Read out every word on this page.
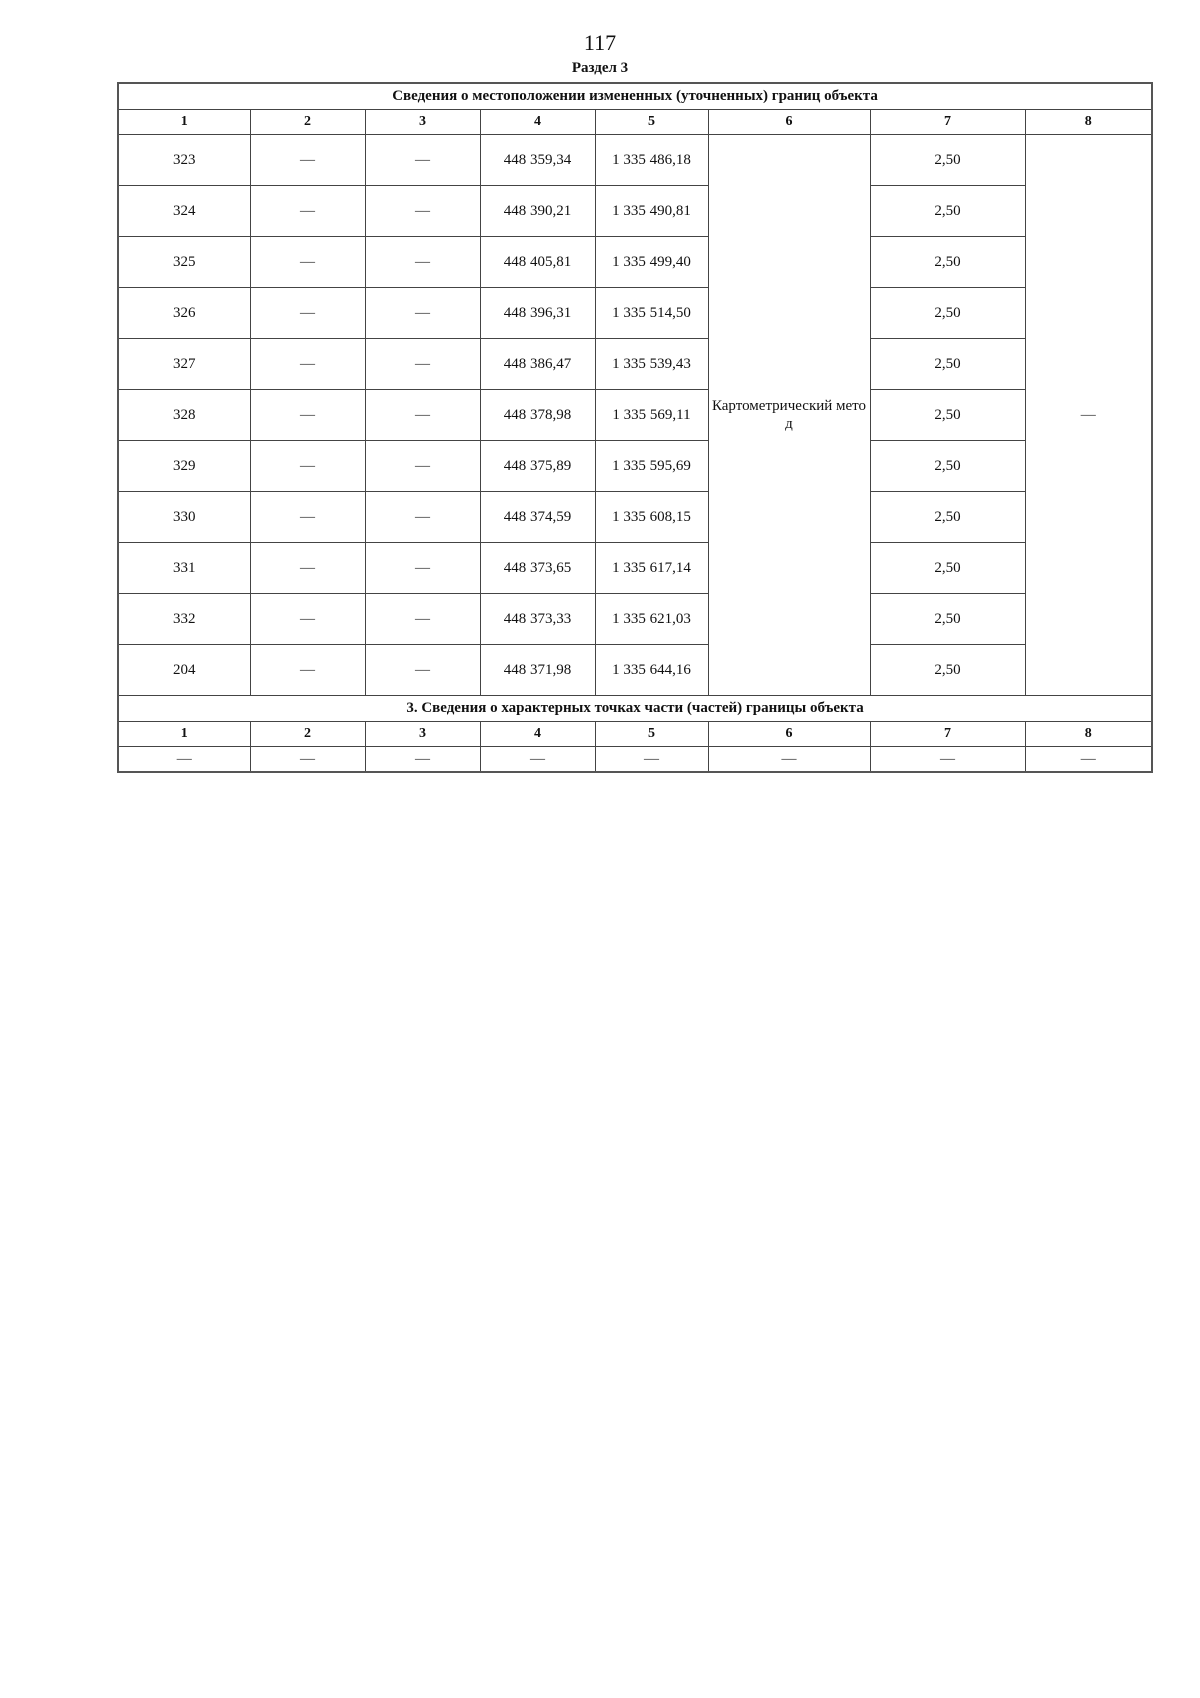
117
Раздел 3
Сведения о местоположении измененных (уточненных) границ объекта							
1	2	3	4	5	6	7	8
323	—	—	448 359,34	1 335 486,18	Картометрический метод	2,50	—
324	—	—	448 390,21	1 335 490,81		2,50	
325	—	—	448 405,81	1 335 499,40		2,50	
326	—	—	448 396,31	1 335 514,50		2,50	
327	—	—	448 386,47	1 335 539,43		2,50	
328	—	—	448 378,98	1 335 569,11		2,50	
329	—	—	448 375,89	1 335 595,69		2,50	
330	—	—	448 374,59	1 335 608,15		2,50	
331	—	—	448 373,65	1 335 617,14		2,50	
332	—	—	448 373,33	1 335 621,03		2,50	
204	—	—	448 371,98	1 335 644,16		2,50	
3. Сведения о характерных точках части (частей) границы объекта							
1	2	3	4	5	6	7	8
—	—	—	—	—	—	—	—
